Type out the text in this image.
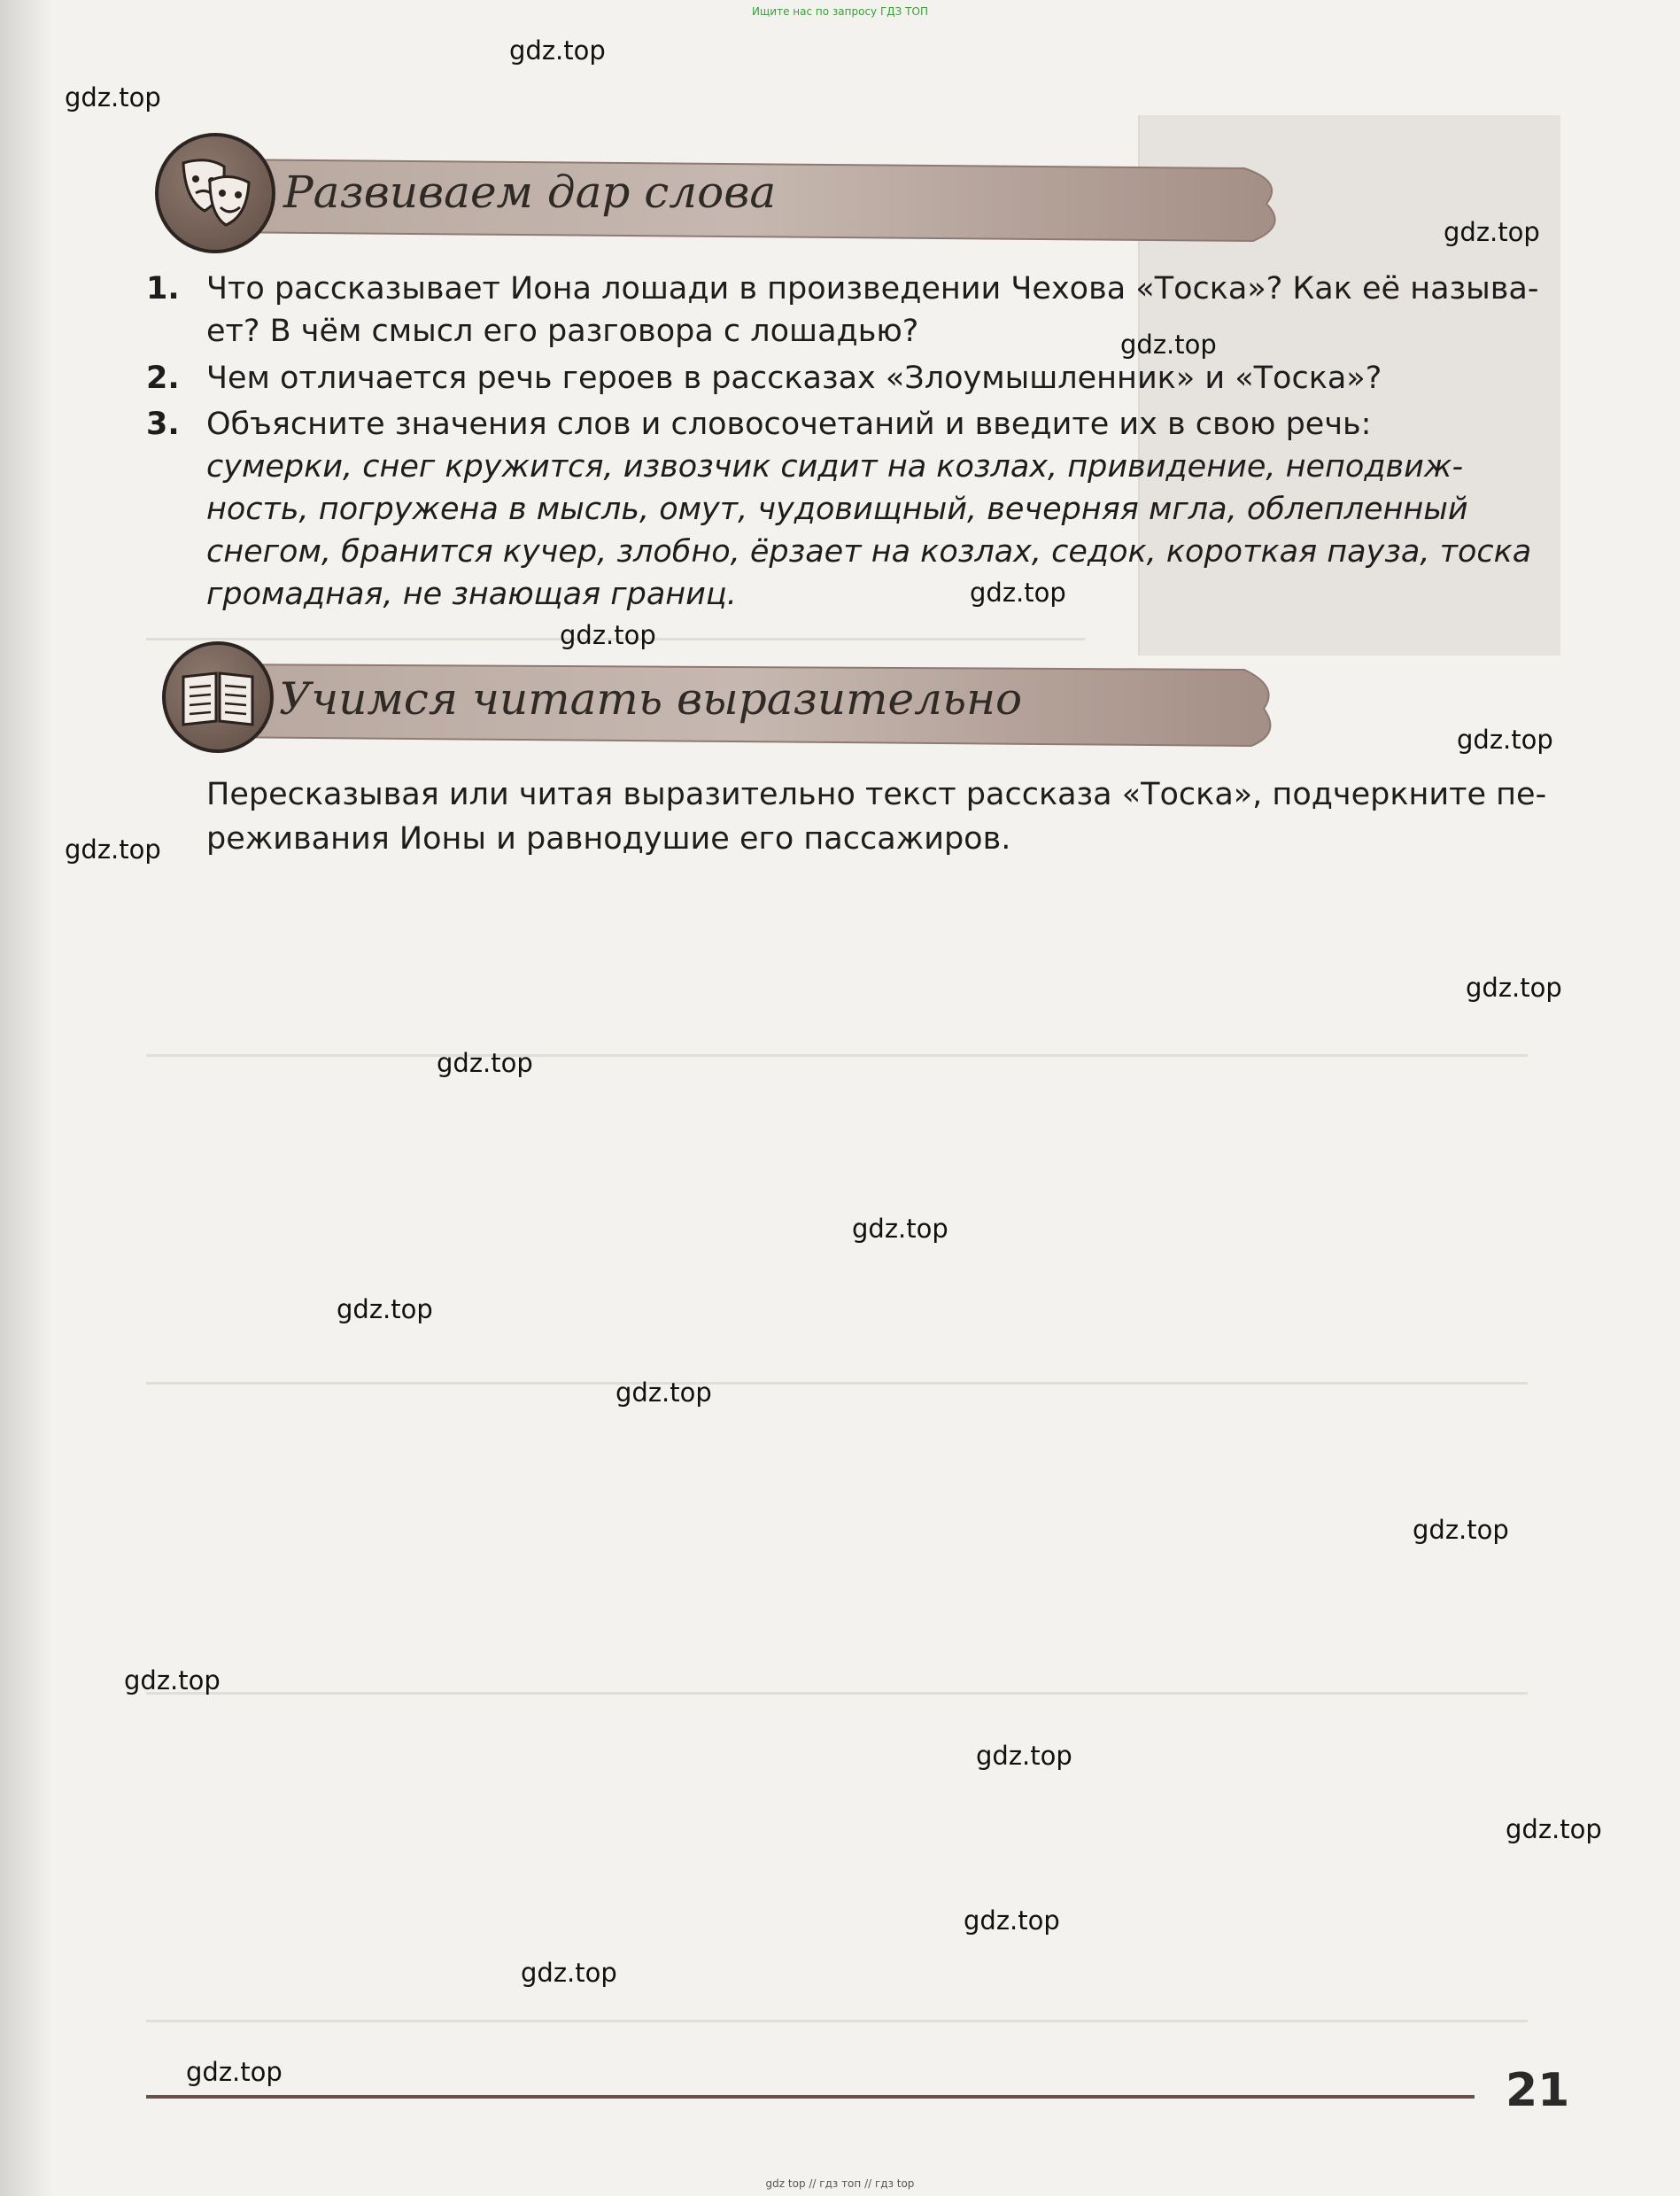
Ищите нас по запросу ГДЗ ТОП
Развиваем дар слова
1. Что рассказывает Иона лошади в произведении Чехова «Тоска»? Как её называ-ет? В чём смысл его разговора с лошадью?
2. Чем отличается речь героев в рассказах «Злоумышленник» и «Тоска»?
3. Объясните значения слов и словосочетаний и введите их в свою речь:
сумерки, снег кружится, извозчик сидит на козлах, привидение, неподвиж-ность, погружена в мысль, омут, чудовищный, вечерняя мгла, облепленный снегом, бранится кучер, злобно, ёрзает на козлах, седок, короткая пауза, тоска громадная, не знающая границ.
Учимся читать выразительно
Пересказывая или читая выразительно текст рассказа «Тоска», подчеркните пе-реживания Ионы и равнодушие его пассажиров.
gdz.top
gdz.top
gdz.top
gdz.top
gdz.top
gdz.top
gdz.top
gdz.top
gdz.top
gdz.top
gdz.top
gdz.top
gdz.top
gdz.top
gdz.top
gdz.top
gdz.top
gdz.top
gdz.top
gdz.top	21
gdz top // гдз топ // гдз top
